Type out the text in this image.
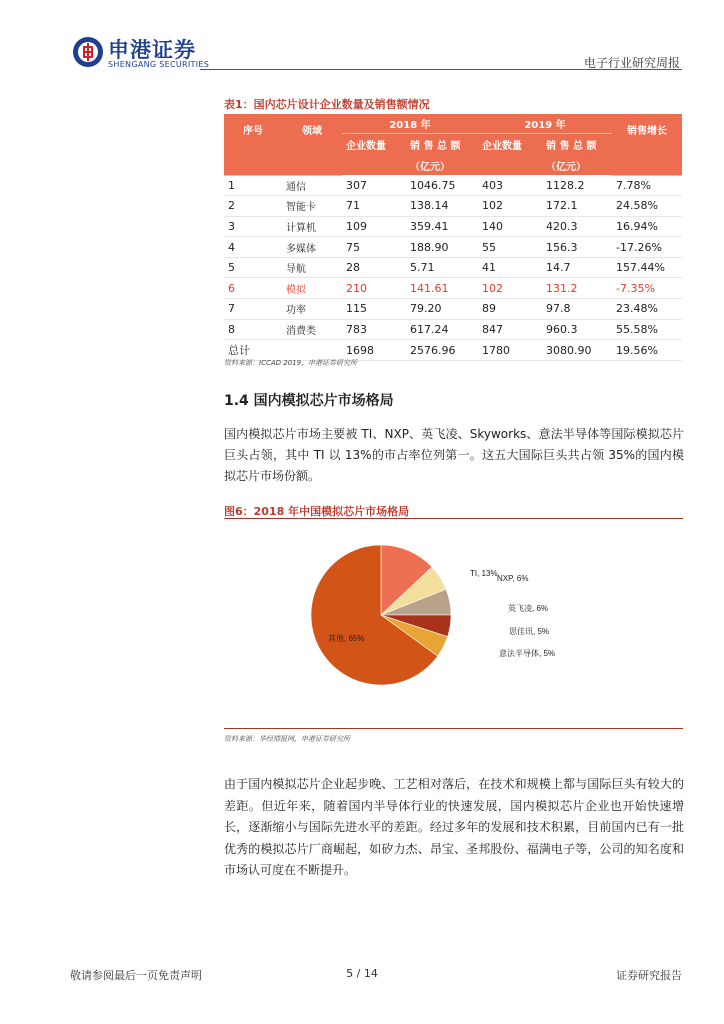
申港证券
SHENGANG SECURITIES	电子行业研究周报
表1：国内芯片设计企业数量及销售额情况
序号	领域	2018 年		2019 年		销售增长
		企业数量	销 售 总 额	企业数量	销 售 总 额	
			（亿元）		（亿元）	
1	通信	307	1046.75	403	1128.2	7.78%
2	智能卡	71	138.14	102	172.1	24.58%
3	计算机	109	359.41	140	420.3	16.94%
4	多媒体	75	188.90	55	156.3	-17.26%
5	导航	28	5.71	41	14.7	157.44%
6	模拟	210	141.61	102	131.2	-7.35%
7	功率	115	79.20	89	97.8	23.48%
8	消费类	783	617.24	847	960.3	55.58%
总计		1698	2576.96	1780	3080.90	19.56%
资料来源：ICCAD 2019，申港证券研究所
1.4 国内模拟芯片市场格局
国内模拟芯片市场主要被 TI、NXP、英飞凌、Skyworks、意法半导体等国际模拟芯片巨头占领，其中 TI 以 13%的市占率位列第一。这五大国际巨头共占领 35%的国内模拟芯片市场份额。
图6：2018 年中国模拟芯片市场格局
TI, 13%
NXP, 6%
英飞凌, 6%
思佳讯, 5%
意法半导体, 5%
其他, 65%
资料来源：华经情报网，申港证券研究所
由于国内模拟芯片企业起步晚、工艺相对落后，在技术和规模上都与国际巨头有较大的差距。但近年来，随着国内半导体行业的快速发展，国内模拟芯片企业也开始快速增长，逐渐缩小与国际先进水平的差距。经过多年的发展和技术积累，目前国内已有一批优秀的模拟芯片厂商崛起，如矽力杰、昂宝、圣邦股份、福满电子等，公司的知名度和市场认可度在不断提升。
敬请参阅最后一页免责声明	5 / 14	证券研究报告
